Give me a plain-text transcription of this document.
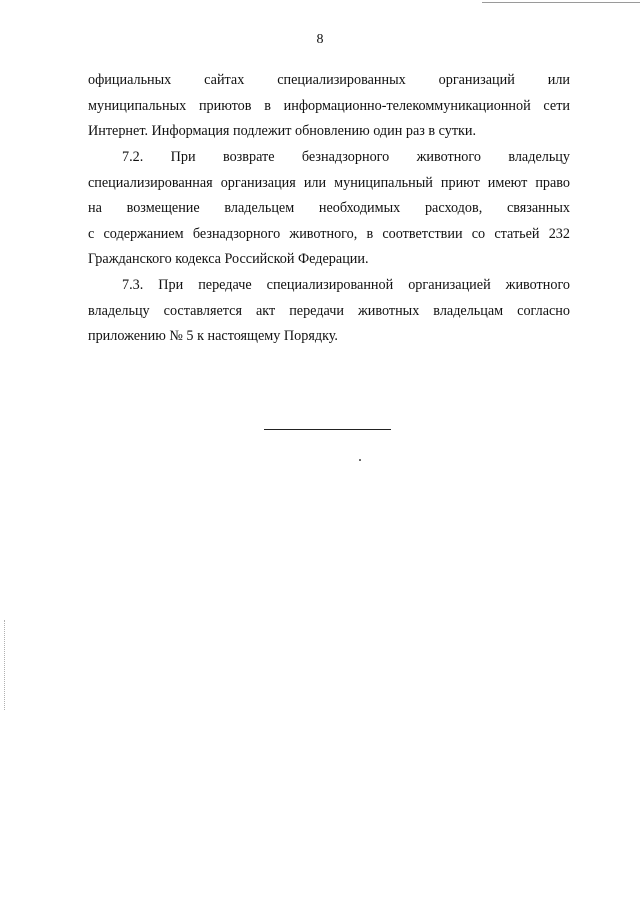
8
официальных сайтах специализированных организаций или
муниципальных приютов в информационно-телекоммуникационной сети
Интернет. Информация подлежит обновлению один раз в сутки.
7.2. При возврате безнадзорного животного владельцу
специализированная организация или муниципальный приют имеют право
на возмещение владельцем необходимых расходов, связанных
с содержанием безнадзорного животного, в соответствии со статьей 232
Гражданского кодекса Российской Федерации.
7.3. При передаче специализированной организацией животного
владельцу составляется акт передачи животных владельцам согласно
приложению № 5 к настоящему Порядку.
